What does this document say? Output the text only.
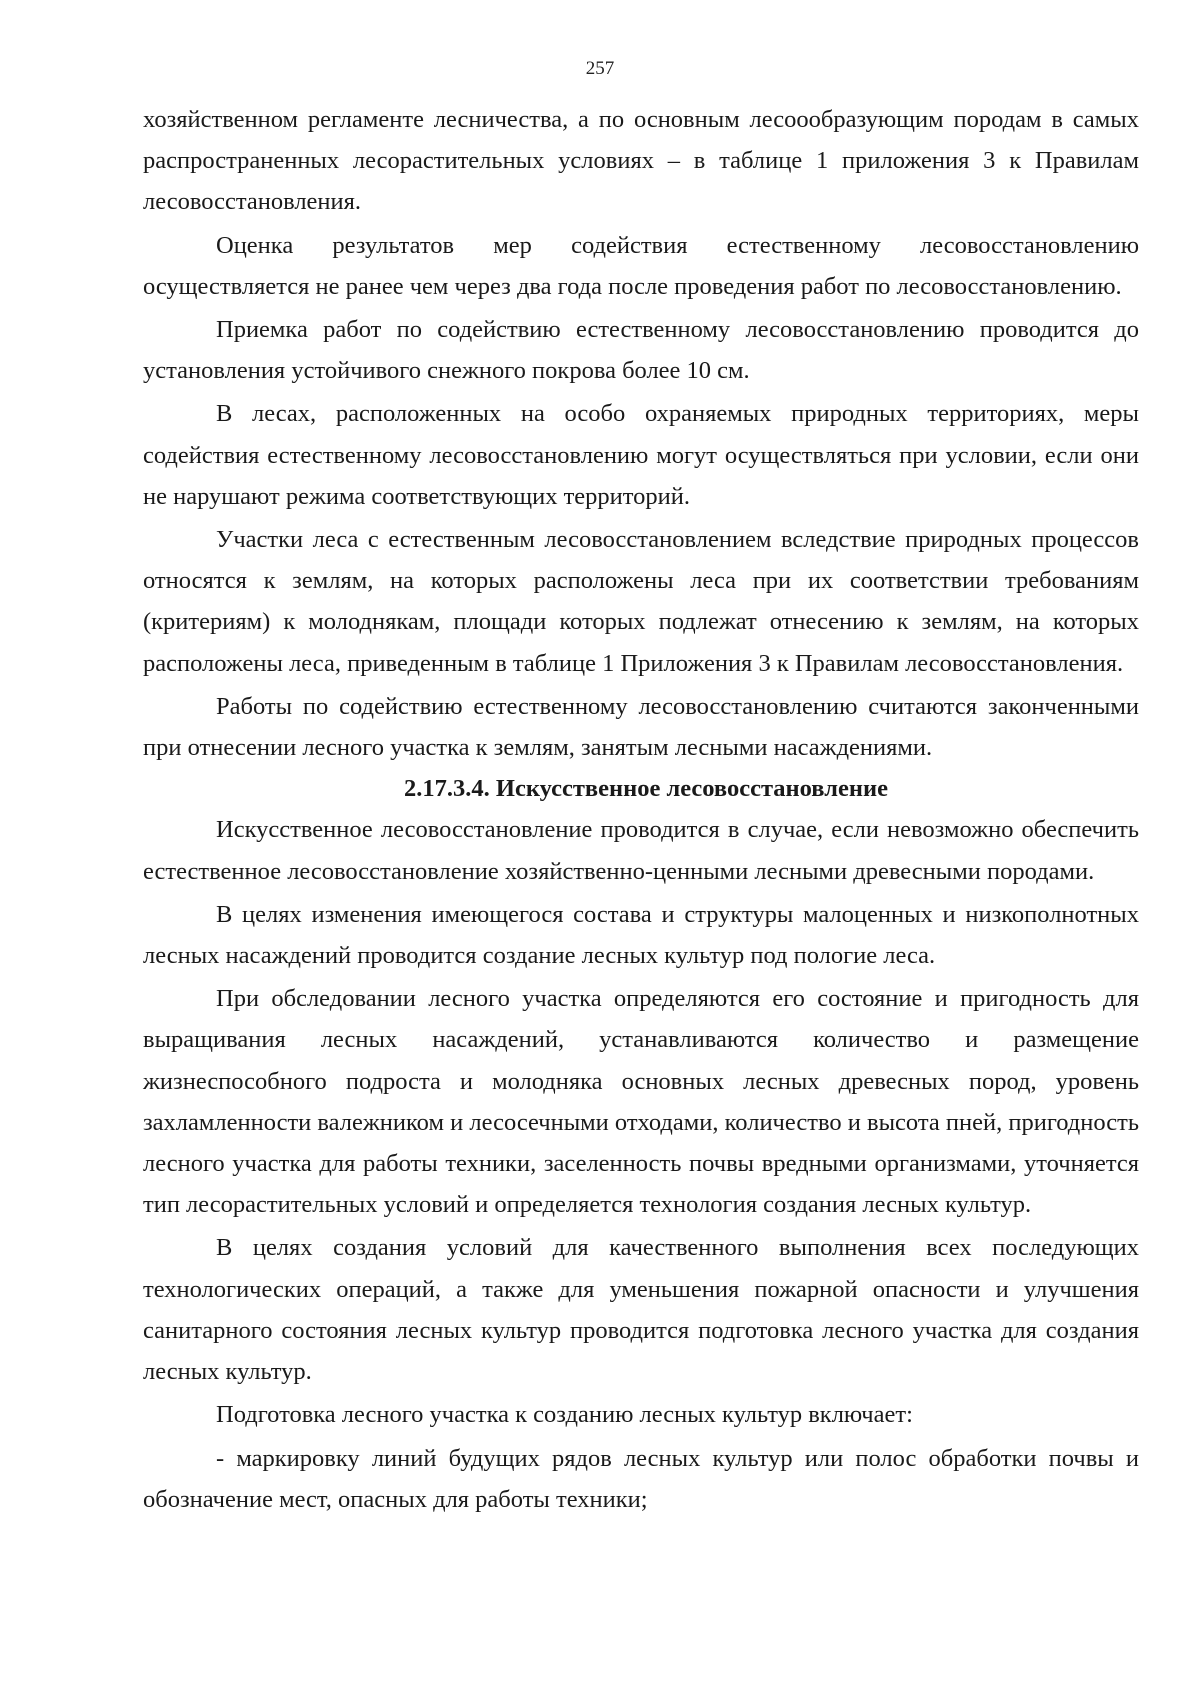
257

хозяйственном регламенте лесничества, а по основным лесоообразующим породам в самых распространенных лесорастительных условиях – в таблице 1 приложения 3 к Правилам лесовосстановления.

Оценка результатов мер содействия естественному лесовосстановлению осуществляется не ранее чем через два года после проведения работ по лесовосстановлению.

Приемка работ по содействию естественному лесовосстановлению проводится до установления устойчивого снежного покрова более 10 см.

В лесах, расположенных на особо охраняемых природных территориях, меры содействия естественному лесовосстановлению могут осуществляться при условии, если они не нарушают режима соответствующих территорий.

Участки леса с естественным лесовосстановлением вследствие природных процессов относятся к землям, на которых расположены леса при их соответствии требованиям (критериям) к молоднякам, площади которых подлежат отнесению к землям, на которых расположены леса, приведенным в таблице 1 Приложения 3 к Правилам лесовосстановления.

Работы по содействию естественному лесовосстановлению считаются законченными при отнесении лесного участка к землям, занятым лесными насаждениями.

2.17.3.4. Искусственное лесовосстановление

Искусственное лесовосстановление проводится в случае, если невозможно обеспечить естественное лесовосстановление хозяйственно-ценными лесными древесными породами.

В целях изменения имеющегося состава и структуры малоценных и низкополнотных лесных насаждений проводится создание лесных культур под пологие леса.

При обследовании лесного участка определяются его состояние и пригодность для выращивания лесных насаждений, устанавливаются количество и размещение жизнеспособного подроста и молодняка основных лесных древесных пород, уровень захламленности валежником и лесосечными отходами, количество и высота пней, пригодность лесного участка для работы техники, заселенность почвы вредными организмами, уточняется тип лесорастительных условий и определяется технология создания лесных культур.

В целях создания условий для качественного выполнения всех последующих технологических операций, а также для уменьшения пожарной опасности и улучшения санитарного состояния лесных культур проводится подготовка лесного участка для создания лесных культур.

Подготовка лесного участка к созданию лесных культур включает:

- маркировку линий будущих рядов лесных культур или полос обработки почвы и обозначение мест, опасных для работы техники;
